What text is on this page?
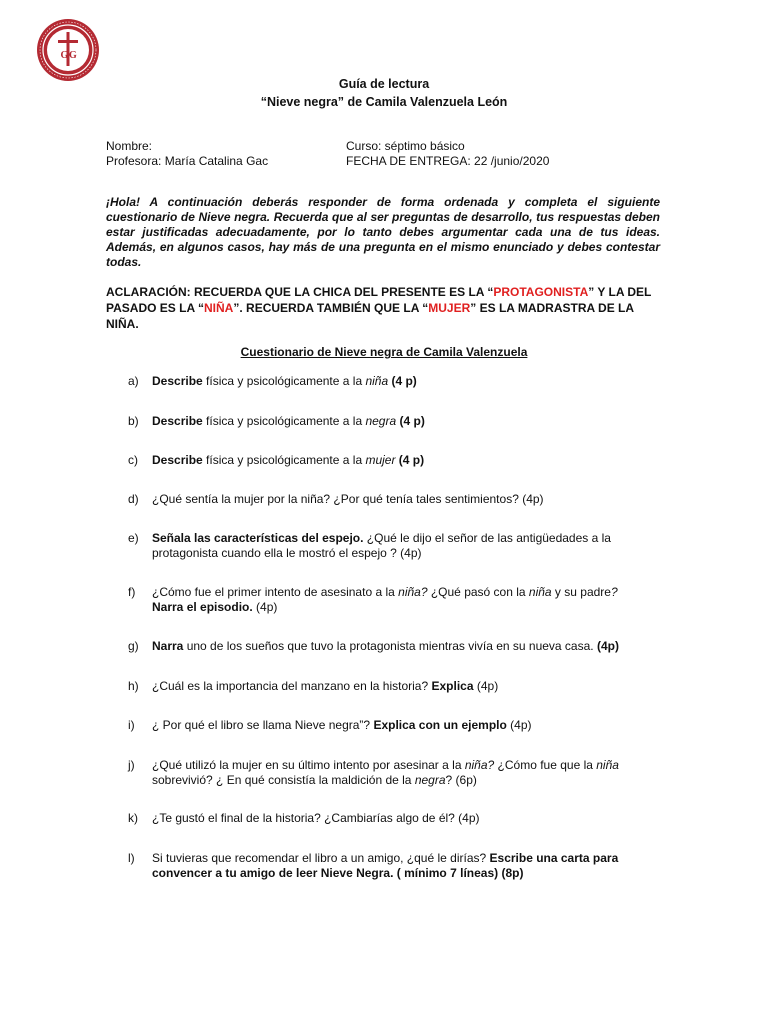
G G
Guía de lectura
“Nieve negra” de Camila Valenzuela León
Nombre:
Profesora: María Catalina Gac
Curso: séptimo básico
FECHA DE ENTREGA: 22 /junio/2020
¡Hola! A continuación deberás responder de forma ordenada y completa el siguiente cuestionario de Nieve negra. Recuerda que al ser preguntas de desarrollo, tus respuestas deben estar justificadas adecuadamente, por lo tanto debes argumentar cada una de tus ideas. Además, en algunos casos, hay más de una pregunta en el mismo enunciado y debes contestar todas.
ACLARACIÓN: RECUERDA QUE LA CHICA DEL PRESENTE ES LA “PROTAGONISTA” Y LA DEL PASADO ES LA “NIÑA”. RECUERDA TAMBIÉN QUE LA “MUJER” ES LA MADRASTRA DE LA NIÑA.
Cuestionario de Nieve negra de Camila Valenzuela
a)	Describe física y psicológicamente a la niña (4 p)
b)	Describe física y psicológicamente a la negra (4 p)
c)	Describe física y psicológicamente a la mujer (4 p)
d)	¿Qué sentía la mujer por la niña? ¿Por qué tenía tales sentimientos? (4p)
e)	Señala las características del espejo. ¿Qué le dijo el señor de las antigüedades a la protagonista cuando ella le mostró el espejo ? (4p)
f)	¿Cómo fue el primer intento de asesinato a la niña? ¿Qué pasó con la niña y su padre?
Narra el episodio. (4p)
g)	Narra uno de los sueños que tuvo la protagonista mientras vivía en su nueva casa. (4p)
h)	¿Cuál es la importancia del manzano en la historia? Explica (4p)
i)	¿ Por qué el libro se llama Nieve negra”? Explica con un ejemplo (4p)
j)	¿Qué utilizó la mujer en su último intento por asesinar a la niña? ¿Cómo fue que la niña
sobrevivió? ¿ En qué consistía la maldición de la negra? (6p)
k)	¿Te gustó el final de la historia? ¿Cambiarías algo de él? (4p)
l)	Si tuvieras que recomendar el libro a un amigo, ¿qué le dirías? Escribe una carta para convencer a tu amigo de leer Nieve Negra. ( mínimo 7 líneas) (8p)
